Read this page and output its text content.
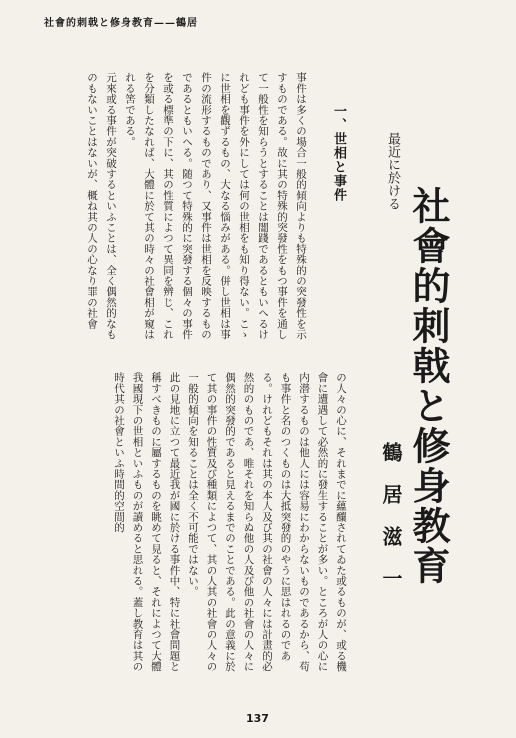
社會的刺戟と修身教育——鶴居
最近に於ける
社會的刺戟と修身教育
鶴居滋一
一、世相と事件

事件は多くの場合一般的傾向よりも特殊的の突發性を示すものである。故に其の特殊的突發性をもつ事件を通して一般性を知らうとすることは闇踐であるともいへるけれども事件を外にしては何の世相をも知り得ない。こゝに世相を觀ずるもの、大なる惱みがある。併し世相は事件の流形するものであり、又事件は世相を反映するものであるともいへる。随つて特殊的に突發する個々の事件を或る標準の下に、其の性質によつて異同を辨じ、これを分類したなれば、大體に於て其の時々の社會相が窺はれる筈である。

元來或る事件が突破するといふことは、全く偶然的なものもないことはないが、概ね其の人の心なり罪の社會

の人々の心に、それまでに蘊釀されてゐた或るものが、或る機會に遭遇して必然的に發生することが多い。ところが人の心に内潜するものは他人には容易にわからないものであるから、苟も事件と名のつくものは大抵突發的のやうに思はれるのである。けれどもそれは其の本人及び其の社會の人々には計畫的必然的のものであ、唯それを知らぬ他の人及び他の社會の人々に偶然的突發的であると見えるまでのことである。此の意義に於て其の事件の性質及び種類によつて、其の人其の社會の人々の一般的傾向を知ることは全く不可能ではない。

此の見地に立つて最近我が國に於ける事件中、特に社會問題と稱すべきものに屬するものを眺めて見ると、それによつて大體我國現下の世相といふものが讀めると思れる。蓋し教育は其の時代其の社會といふ時間的空間的

137
